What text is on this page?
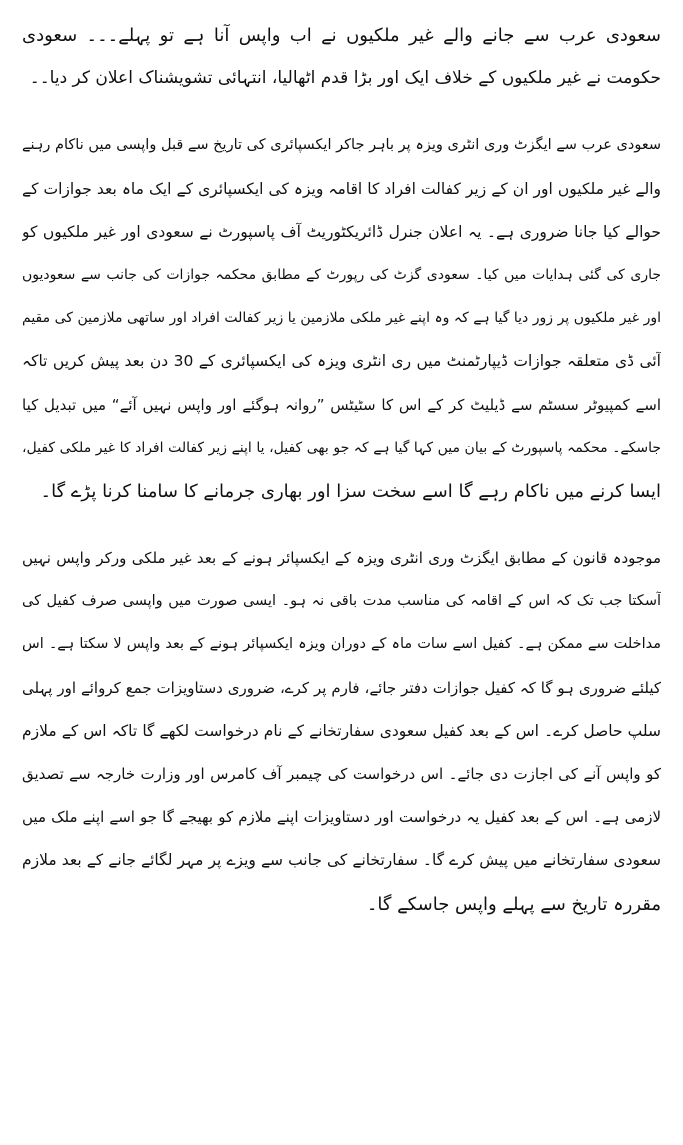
سعودی عرب سے جانے والے غیر ملکیوں نے اب واپس آنا ہے تو پہلے۔۔۔ سعودی
حکومت نے غیر ملکیوں کے خلاف ایک اور بڑا قدم اٹھالیا، انتہائی تشویشناک اعلان کر دیا۔۔
سعودی عرب سے ایگزٹ وری انٹری ویزہ پر باہر جاکر ایکسپائری کی تاریخ سے قبل واپسی میں ناکام رہنے
والے غیر ملکیوں اور ان کے زیر کفالت افراد کا اقامہ ویزہ کی ایکسپائری کے ایک ماہ بعد جوازات کے
حوالے کیا جانا ضروری ہے۔ یہ اعلان جنرل ڈائریکٹوریٹ آف پاسپورٹ نے سعودی اور غیر ملکیوں کو
جاری کی گئی ہدایات میں کیا۔ سعودی گزٹ کی رپورٹ کے مطابق محکمہ جوازات کی جانب سے سعودیوں
اور غیر ملکیوں پر زور دیا گیا ہے کہ وہ اپنے غیر ملکی ملازمین یا زیر کفالت افراد اور ساتھی ملازمین کی مقیم
آئی ڈی متعلقہ جوازات ڈیپارٹمنٹ میں ری انٹری ویزہ کی ایکسپائری کے 30 دن بعد پیش کریں تاکہ
اسے کمپیوٹر سسٹم سے ڈیلیٹ کر کے اس کا سٹیٹس ”روانہ ہوگئے اور واپس نہیں آئے“ میں تبدیل کیا
جاسکے۔ محکمہ پاسپورٹ کے بیان میں کہا گیا ہے کہ جو بھی کفیل، یا اپنے زیر کفالت افراد کا غیر ملکی کفیل،
ایسا کرنے میں ناکام رہے گا اسے سخت سزا اور بھاری جرمانے کا سامنا کرنا پڑے گا۔
موجودہ قانون کے مطابق ایگزٹ وری انٹری ویزہ کے ایکسپائر ہونے کے بعد غیر ملکی ورکر واپس نہیں
آسکتا جب تک کہ اس کے اقامہ کی مناسب مدت باقی نہ ہو۔ ایسی صورت میں واپسی صرف کفیل کی
مداخلت سے ممکن ہے۔ کفیل اسے سات ماہ کے دوران ویزہ ایکسپائر ہونے کے بعد واپس لا سکتا ہے۔ اس
کیلئے ضروری ہو گا کہ کفیل جوازات دفتر جائے، فارم پر کرے، ضروری دستاویزات جمع کروائے اور پہلی
سلپ حاصل کرے۔ اس کے بعد کفیل سعودی سفارتخانے کے نام درخواست لکھے گا تاکہ اس کے ملازم
کو واپس آنے کی اجازت دی جائے۔ اس درخواست کی چیمبر آف کامرس اور وزارت خارجہ سے تصدیق
لازمی ہے۔ اس کے بعد کفیل یہ درخواست اور دستاویزات اپنے ملازم کو بھیجے گا جو اسے اپنے ملک میں
سعودی سفارتخانے میں پیش کرے گا۔ سفارتخانے کی جانب سے ویزے پر مہر لگائے جانے کے بعد ملازم
مقررہ تاریخ سے پہلے واپس جاسکے گا۔
